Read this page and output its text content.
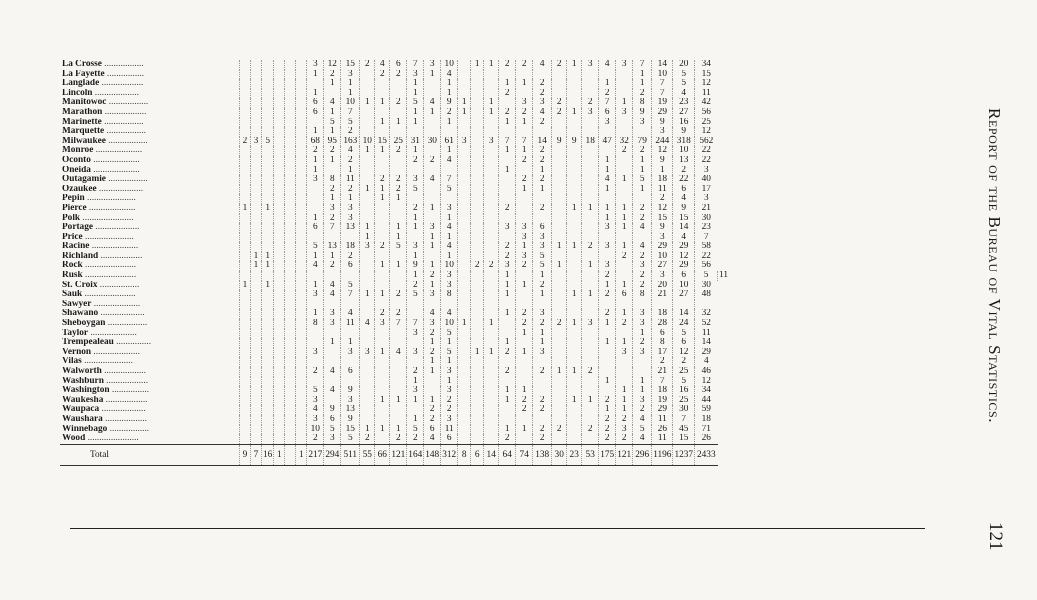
La Crosse .................							3	12	15	2	4	6	7	3	10		1	1	2	2	4	2	1	3	4	3	7	14	20	34	
La Fayette ................							1	2	3		2	2	3	1	4												1	10	5	15	
Langlade ..................								1	1				1		1				1	1	2				1		1	7	5	12	
Lincoln ...................							1		1				1		1				2		2				2		2	7	4	11	
Manitowoc .................							6	4	10	1	1	2	5	4	9	1		1		3	3	2		2	7	1	8	19	23	42	
Marathon ..................							6	1	7				1	1	2	1		1	2	2	4	2	1	3	6	3	9	29	27	56	
Marinette .................								5	5		1	1	1		1				1	1	2				3		3	9	16	25	
Marquette .................							1	1	2																			3	9	12	
Milwaukee .................	2	3	5				68	95	163	10	15	25	31	30	61	3		3	7	7	14	9	9	18	47	32	79	244	318	562	
Monroe ....................							2	2	4	1	1	2	1		1				1	1	2					2	2	12	10	22	
Oconto ....................							1	1	2				2	2	4					2	2				1		1	9	13	22	
Oneida ....................							1		1										1		1				1		1	1	2	3	
Outagamie .................							3	8	11		2	2	3	4	7					2	2				4	1	5	18	22	40	
Ozaukee ...................								2	2	1	1	2	5		5					1	1				1		1	11	6	17	
Pepin .....................								1	1		1	1																2	4	3	
Pierce ....................	1		1					3	3				2	1	3				2		2		1	1	1	1	2	12	9	21	
Polk ......................							1	2	3				1		1										1	1	2	15	15	30	
Portage ...................							6	7	13	1		1	1	3	4				3	3	6				3	1	4	9	14	23	
Price .....................										1		1		1	1					3	3							3	4	7	
Racine ....................							5	13	18	3	2	5	3	1	4				2	1	3	1	1	2	3	1	4	29	29	58	
Richland ..................		1	1				1	1	2				1		1				2	3	5					2	2	10	12	22	
Rock ......................		1	1				4	2	6		1	1	9	1	10		2	2	3	2	5	1		1	3		3	27	29	56	
Rusk ......................													1	2	3				1		1				2		2	3	6	5	11
St. Croix .................	1		1				1	4	5				2	1	3				1	1	2				1	1	2	20	10	30	
Sauk ......................							3	4	7	1	1	2	5	3	8				1		1		1	1	2	6	8	21	27	48	
Sawyer ....................																															
Shawano ...................							1	3	4		2	2		4	4				1	2	3				2	1	3	18	14	32	
Sheboygan .................							8	3	11	4	3	7	7	3	10	1		1		2	2	2	1	3	1	2	3	28	24	52	
Taylor ....................													3	2	5					1	1						1	6	5	11	
Trempealeau ...............								1	1					1	1				1		1				1	1	2	8	6	14	
Vernon ....................							3		3	3	1	4	3	2	5		1	1	2	1	3					3	3	17	12	29	
Vilas .....................														1	1													2	2	4	
Walworth ..................							2	4	6				2	1	3				2		2	1	1	2				21	25	46	
Washburn ..................													1		1										1		1	7	5	12	
Washington ................							5	4	9				3		3				1	1						1	1	18	16	34	
Waukesha ..................							3		3		1	1	1	1	2				1	2	2		1	1	2	1	3	19	25	44	
Waupaca ...................							4	9	13					2	2					2	2				1	1	2	29	30	59	
Waushara ..................							3	6	9				1	2	3										2	2	4	11	7	18	
Winnebago .................							10	5	15	1	1	1	5	6	11				1	1	2	2		2	2	3	5	26	45	71	
Wood ......................							2	3	5	2		2	2	4	6				2		2				2	2	4	11	15	26	
Total	9	7	16	1		1	217	294	511	55	66	121	164	148	312	8	6	14	64	74	138	30	23	53	175	121	296	1196	1237	2433	
Report of the Bureau of Vital Statistics.
121
